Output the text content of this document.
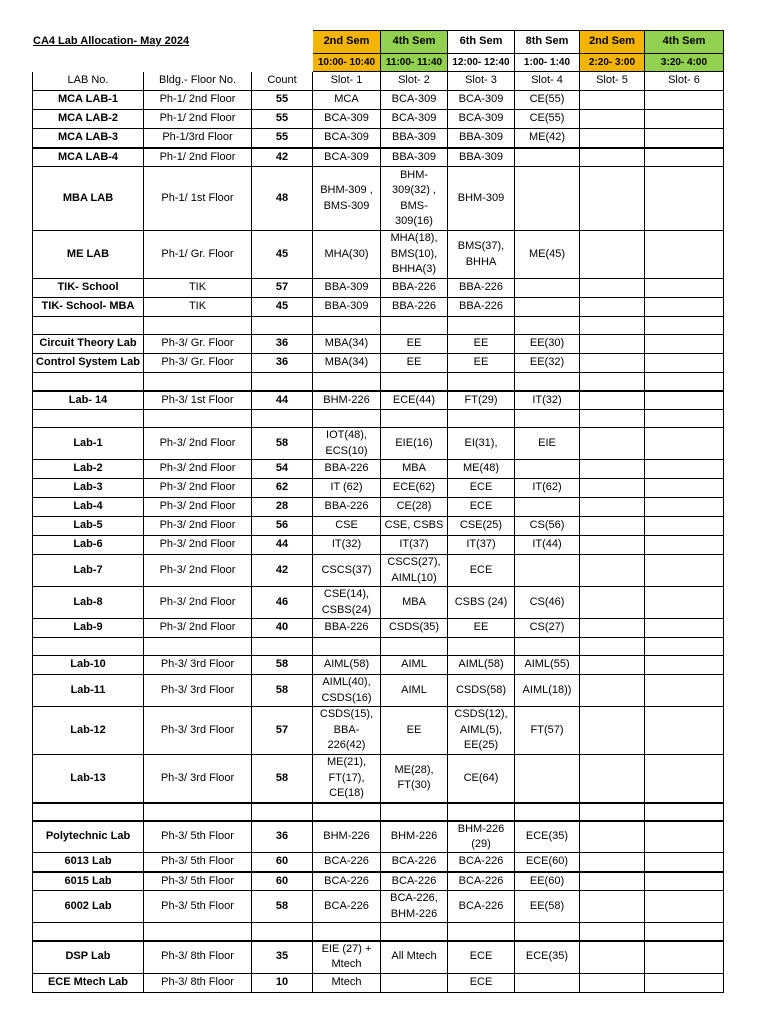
CA4 Lab Allocation- May 2024			2nd Sem	4th Sem	6th Sem	8th Sem	2nd Sem	4th Sem
			10:00- 10:40	11:00- 11:40	12:00- 12:40	1:00- 1:40	2:20- 3:00	3:20- 4:00
LAB No.	Bldg.- Floor No.	Count	Slot- 1	Slot- 2	Slot- 3	Slot- 4	Slot- 5	Slot- 6
MCA LAB-1	Ph-1/ 2nd Floor	55	MCA	BCA-309	BCA-309	CE(55)		
MCA LAB-2	Ph-1/ 2nd Floor	55	BCA-309	BCA-309	BCA-309	CE(55)		
MCA LAB-3	Ph-1/3rd Floor	55	BCA-309	BBA-309	BBA-309	ME(42)		
MCA LAB-4	Ph-1/ 2nd Floor	42	BCA-309	BBA-309	BBA-309			
MBA LAB	Ph-1/ 1st Floor	48	BHM-309 , BMS-309	BHM-309(32) , BMS-309(16)	BHM-309			
ME LAB	Ph-1/ Gr. Floor	45	MHA(30)	MHA(18), BMS(10), BHHA(3)	BMS(37), BHHA	ME(45)		
TIK- School	TIK	57	BBA-309	BBA-226	BBA-226			
TIK- School- MBA	TIK	45	BBA-309	BBA-226	BBA-226			

Circuit Theory Lab	Ph-3/ Gr. Floor	36	MBA(34)	EE	EE	EE(30)		
Control System Lab	Ph-3/ Gr. Floor	36	MBA(34)	EE	EE	EE(32)		

Lab- 14	Ph-3/ 1st Floor	44	BHM-226	ECE(44)	FT(29)	IT(32)		

Lab-1	Ph-3/ 2nd Floor	58	IOT(48), ECS(10)	EIE(16)	EI(31),	EIE		
Lab-2	Ph-3/ 2nd Floor	54	BBA-226	MBA	ME(48)			
Lab-3	Ph-3/ 2nd Floor	62	IT (62)	ECE(62)	ECE	IT(62)		
Lab-4	Ph-3/ 2nd Floor	28	BBA-226	CE(28)	ECE			
Lab-5	Ph-3/ 2nd Floor	56	CSE	CSE, CSBS	CSE(25)	CS(56)		
Lab-6	Ph-3/ 2nd Floor	44	IT(32)	IT(37)	IT(37)	IT(44)		
Lab-7	Ph-3/ 2nd Floor	42	CSCS(37)	CSCS(27), AIML(10)	ECE			
Lab-8	Ph-3/ 2nd Floor	46	CSE(14), CSBS(24)	MBA	CSBS (24)	CS(46)		
Lab-9	Ph-3/ 2nd Floor	40	BBA-226	CSDS(35)	EE	CS(27)		

Lab-10	Ph-3/ 3rd Floor	58	AIML(58)	AIML	AIML(58)	AIML(55)		
Lab-11	Ph-3/ 3rd Floor	58	AIML(40), CSDS(16)	AIML	CSDS(58)	AIML(18))		
Lab-12	Ph-3/ 3rd Floor	57	CSDS(15), BBA-226(42)	EE	CSDS(12), AIML(5), EE(25)	FT(57)		
Lab-13	Ph-3/ 3rd Floor	58	ME(21), FT(17), CE(18)	ME(28), FT(30)	CE(64)			

Polytechnic Lab	Ph-3/ 5th Floor	36	BHM-226	BHM-226	BHM-226 (29)	ECE(35)		
6013 Lab	Ph-3/ 5th Floor	60	BCA-226	BCA-226	BCA-226	ECE(60)		
6015 Lab	Ph-3/ 5th Floor	60	BCA-226	BCA-226	BCA-226	EE(60)		
6002 Lab	Ph-3/ 5th Floor	58	BCA-226	BCA-226, BHM-226	BCA-226	EE(58)		

DSP Lab	Ph-3/ 8th Floor	35	EIE (27) + Mtech	All Mtech	ECE	ECE(35)		
ECE Mtech Lab	Ph-3/ 8th Floor	10	Mtech		ECE			
